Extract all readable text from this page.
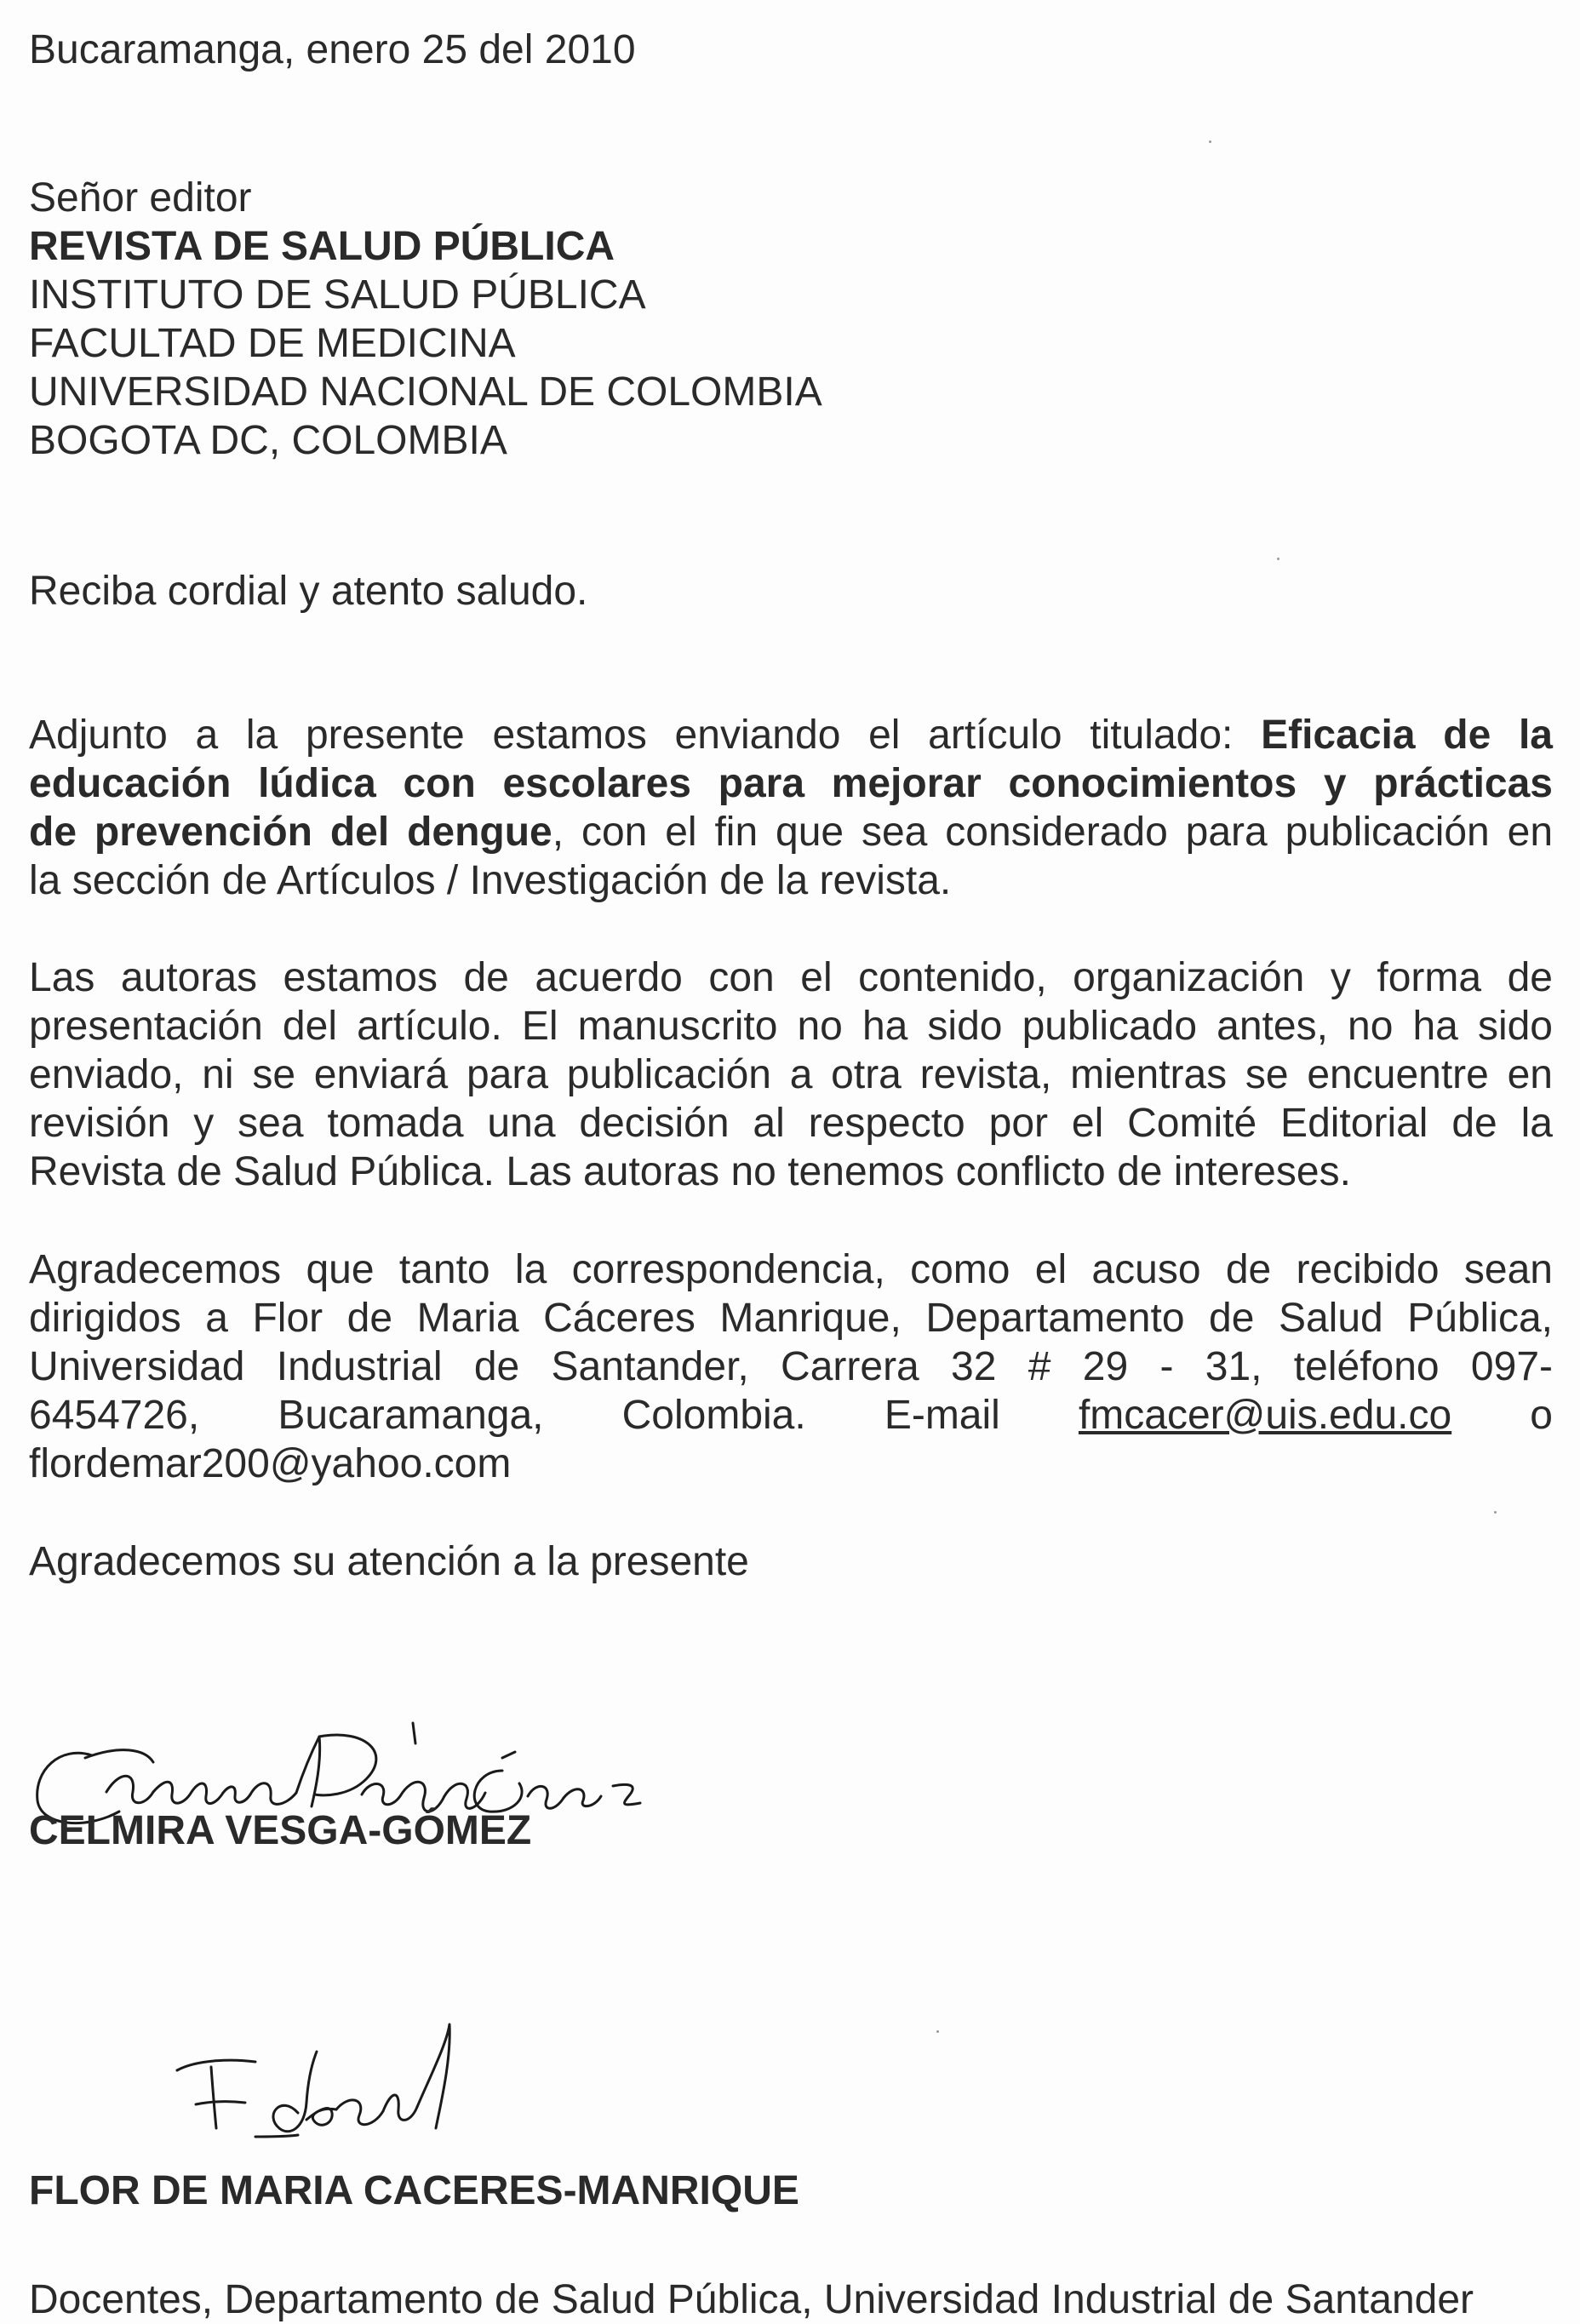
Bucaramanga, enero 25 del 2010
Señor editor
REVISTA DE SALUD PÚBLICA
INSTITUTO DE SALUD PÚBLICA
FACULTAD DE MEDICINA
UNIVERSIDAD NACIONAL DE COLOMBIA
BOGOTA DC, COLOMBIA
Reciba cordial y atento saludo.
Adjunto a la presente estamos enviando el artículo titulado: Eficacia de la
educación lúdica con escolares para mejorar conocimientos y prácticas
de prevención del dengue, con el fin que sea considerado para publicación en
la sección de Artículos / Investigación de la revista.
Las autoras estamos de acuerdo con el contenido, organización y forma de
presentación del artículo. El manuscrito no ha sido publicado antes, no ha sido
enviado, ni se enviará para publicación a otra revista, mientras se encuentre en
revisión y sea tomada una decisión al respecto por el Comité Editorial de la
Revista de Salud Pública. Las autoras no tenemos conflicto de intereses.
Agradecemos que tanto la correspondencia, como el acuso de recibido sean
dirigidos a Flor de Maria Cáceres Manrique, Departamento de Salud Pública,
Universidad Industrial de Santander, Carrera 32 # 29 - 31, teléfono 097-
6454726, Bucaramanga, Colombia. E-mail fmcacer@uis.edu.co o
flordemar200@yahoo.com
Agradecemos su atención a la presente
CELMIRA VESGA-GÓMEZ
FLOR DE MARIA CACERES-MANRIQUE
Docentes, Departamento de Salud Pública, Universidad Industrial de Santander
